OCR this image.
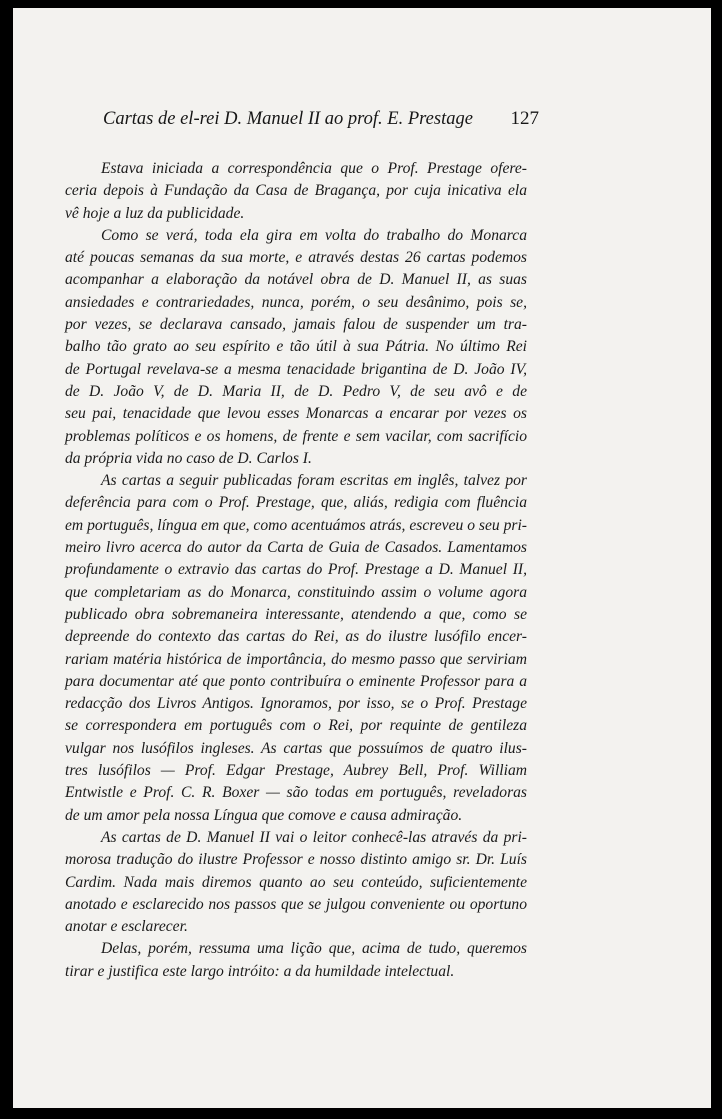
Cartas de el-rei D. Manuel II ao prof. E. Prestage 127
Estava iniciada a correspondência que o Prof. Prestage ofere-
ceria depois à Fundação da Casa de Bragança, por cuja inicativa ela
vê hoje a luz da publicidade.
Como se verá, toda ela gira em volta do trabalho do Monarca
até poucas semanas da sua morte, e através destas 26 cartas podemos
acompanhar a elaboração da notável obra de D. Manuel II, as suas
ansiedades e contrariedades, nunca, porém, o seu desânimo, pois se,
por vezes, se declarava cansado, jamais falou de suspender um tra-
balho tão grato ao seu espírito e tão útil à sua Pátria. No último Rei
de Portugal revelava-se a mesma tenacidade brigantina de D. João IV,
de D. João V, de D. Maria II, de D. Pedro V, de seu avô e de
seu pai, tenacidade que levou esses Monarcas a encarar por vezes os
problemas políticos e os homens, de frente e sem vacilar, com sacrifício
da própria vida no caso de D. Carlos I.
As cartas a seguir publicadas foram escritas em inglês, talvez por
deferência para com o Prof. Prestage, que, aliás, redigia com fluência
em português, língua em que, como acentuámos atrás, escreveu o seu pri-
meiro livro acerca do autor da Carta de Guia de Casados. Lamentamos
profundamente o extravio das cartas do Prof. Prestage a D. Manuel II,
que completariam as do Monarca, constituindo assim o volume agora
publicado obra sobremaneira interessante, atendendo a que, como se
depreende do contexto das cartas do Rei, as do ilustre lusófilo encer-
rariam matéria histórica de importância, do mesmo passo que serviriam
para documentar até que ponto contribuíra o eminente Professor para a
redacção dos Livros Antigos. Ignoramos, por isso, se o Prof. Prestage
se correspondera em português com o Rei, por requinte de gentileza
vulgar nos lusófilos ingleses. As cartas que possuímos de quatro ilus-
tres lusófilos — Prof. Edgar Prestage, Aubrey Bell, Prof. William
Entwistle e Prof. C. R. Boxer — são todas em português, reveladoras
de um amor pela nossa Língua que comove e causa admiração.
As cartas de D. Manuel II vai o leitor conhecê-las através da pri-
morosa tradução do ilustre Professor e nosso distinto amigo sr. Dr. Luís
Cardim. Nada mais diremos quanto ao seu conteúdo, suficientemente
anotado e esclarecido nos passos que se julgou conveniente ou oportuno
anotar e esclarecer.
Delas, porém, ressuma uma lição que, acima de tudo, queremos
tirar e justifica este largo intróito: a da humildade intelectual.
